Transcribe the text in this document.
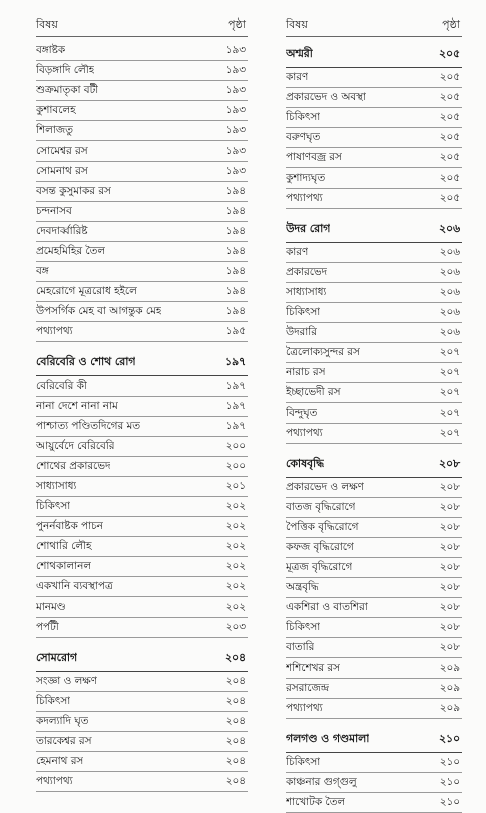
বিষয়	পৃষ্ঠা
বঙ্গাষ্টক	১৯৩
বিড়ঙ্গাদি লৌহ	১৯৩
শুক্রমাতৃকা বটী	১৯৩
কুশাবলেহ	১৯৩
শিলাজতু	১৯৩
সোমেশ্বর রস	১৯৩
সোমনাথ রস	১৯৩
বসন্ত কুসুমাকর রস	১৯৪
চন্দনাসব	১৯৪
দেবদার্ব্বারিষ্ট	১৯৪
প্রমেহমিহির তৈল	১৯৪
বঙ্গ	১৯৪
মেহরোগে মূত্ররোধ হইলে	১৯৪
উপসর্গিক মেহ বা আগন্তুক মেহ	১৯৪
পথ্যাপথ্য	১৯৫
বেরিবেরি ও শোথ রোগ	১৯৭
বেরিবেরি কী	১৯৭
নানা দেশে নানা নাম	১৯৭
পাশ্চাত্য পণ্ডিতদিগের মত	১৯৭
আয়ুর্বেদে বেরিবেরি	২০০
শোথের প্রকারভেদ	২০০
সাধ্যাসাধ্য	২০১
চিকিৎসা	২০২
পুনর্নবাষ্টক পাচন	২০২
শোথারি লৌহ	২০২
শোথকালানল	২০২
একখানি ব্যবস্থাপত্র	২০২
মানমণ্ড	২০২
পর্পটী	২০৩
সোমরোগ	২০৪
সংজ্ঞা ও লক্ষণ	২০৪
চিকিৎসা	২০৪
কদল্যাদি ঘৃত	২০৪
তারকেশ্বর রস	২০৪
হেমনাথ রস	২০৪
পথ্যাপথ্য	২০৪
বিষয়	পৃষ্ঠা
অশ্মরী	২০৫
কারণ	২০৫
প্রকারভেদ ও অবস্থা	২০৫
চিকিৎসা	২০৫
বরুণঘৃত	২০৫
পাষাণবজ্র রস	২০৫
কুশাদ্যঘৃত	২০৫
পথ্যাপথ্য	২০৫
উদর রোগ	২০৬
কারণ	২০৬
প্রকারভেদ	২০৬
সাধ্যাসাধ্য	২০৬
চিকিৎসা	২০৬
উদরারি	২০৬
ত্রৈলোক্যসুন্দর রস	২০৭
নারাচ রস	২০৭
ইচ্ছাভেদী রস	২০৭
বিন্দুঘৃত	২০৭
পথ্যাপথ্য	২০৭
কোষবৃদ্ধি	২০৮
প্রকারভেদ ও লক্ষণ	২০৮
বাতজ বৃদ্ধিরোগে	২০৮
পৈত্তিক বৃদ্ধিরোগে	২০৮
কফজ বৃদ্ধিরোগে	২০৮
মূত্রজ বৃদ্ধিরোগে	২০৮
অন্ত্রবৃদ্ধি	২০৮
একশিরা ও বাতশিরা	২০৮
চিকিৎসা	২০৮
বাতারি	২০৮
শশিশেখর রস	২০৯
রসরাজেন্দ্র	২০৯
পথ্যাপথ্য	২০৯
গলগণ্ড ও গণ্ডমালা	২১০
চিকিৎসা	২১০
কাঞ্চনার গুগ্গুলু	২১০
শাখোটক তৈল	২১০
